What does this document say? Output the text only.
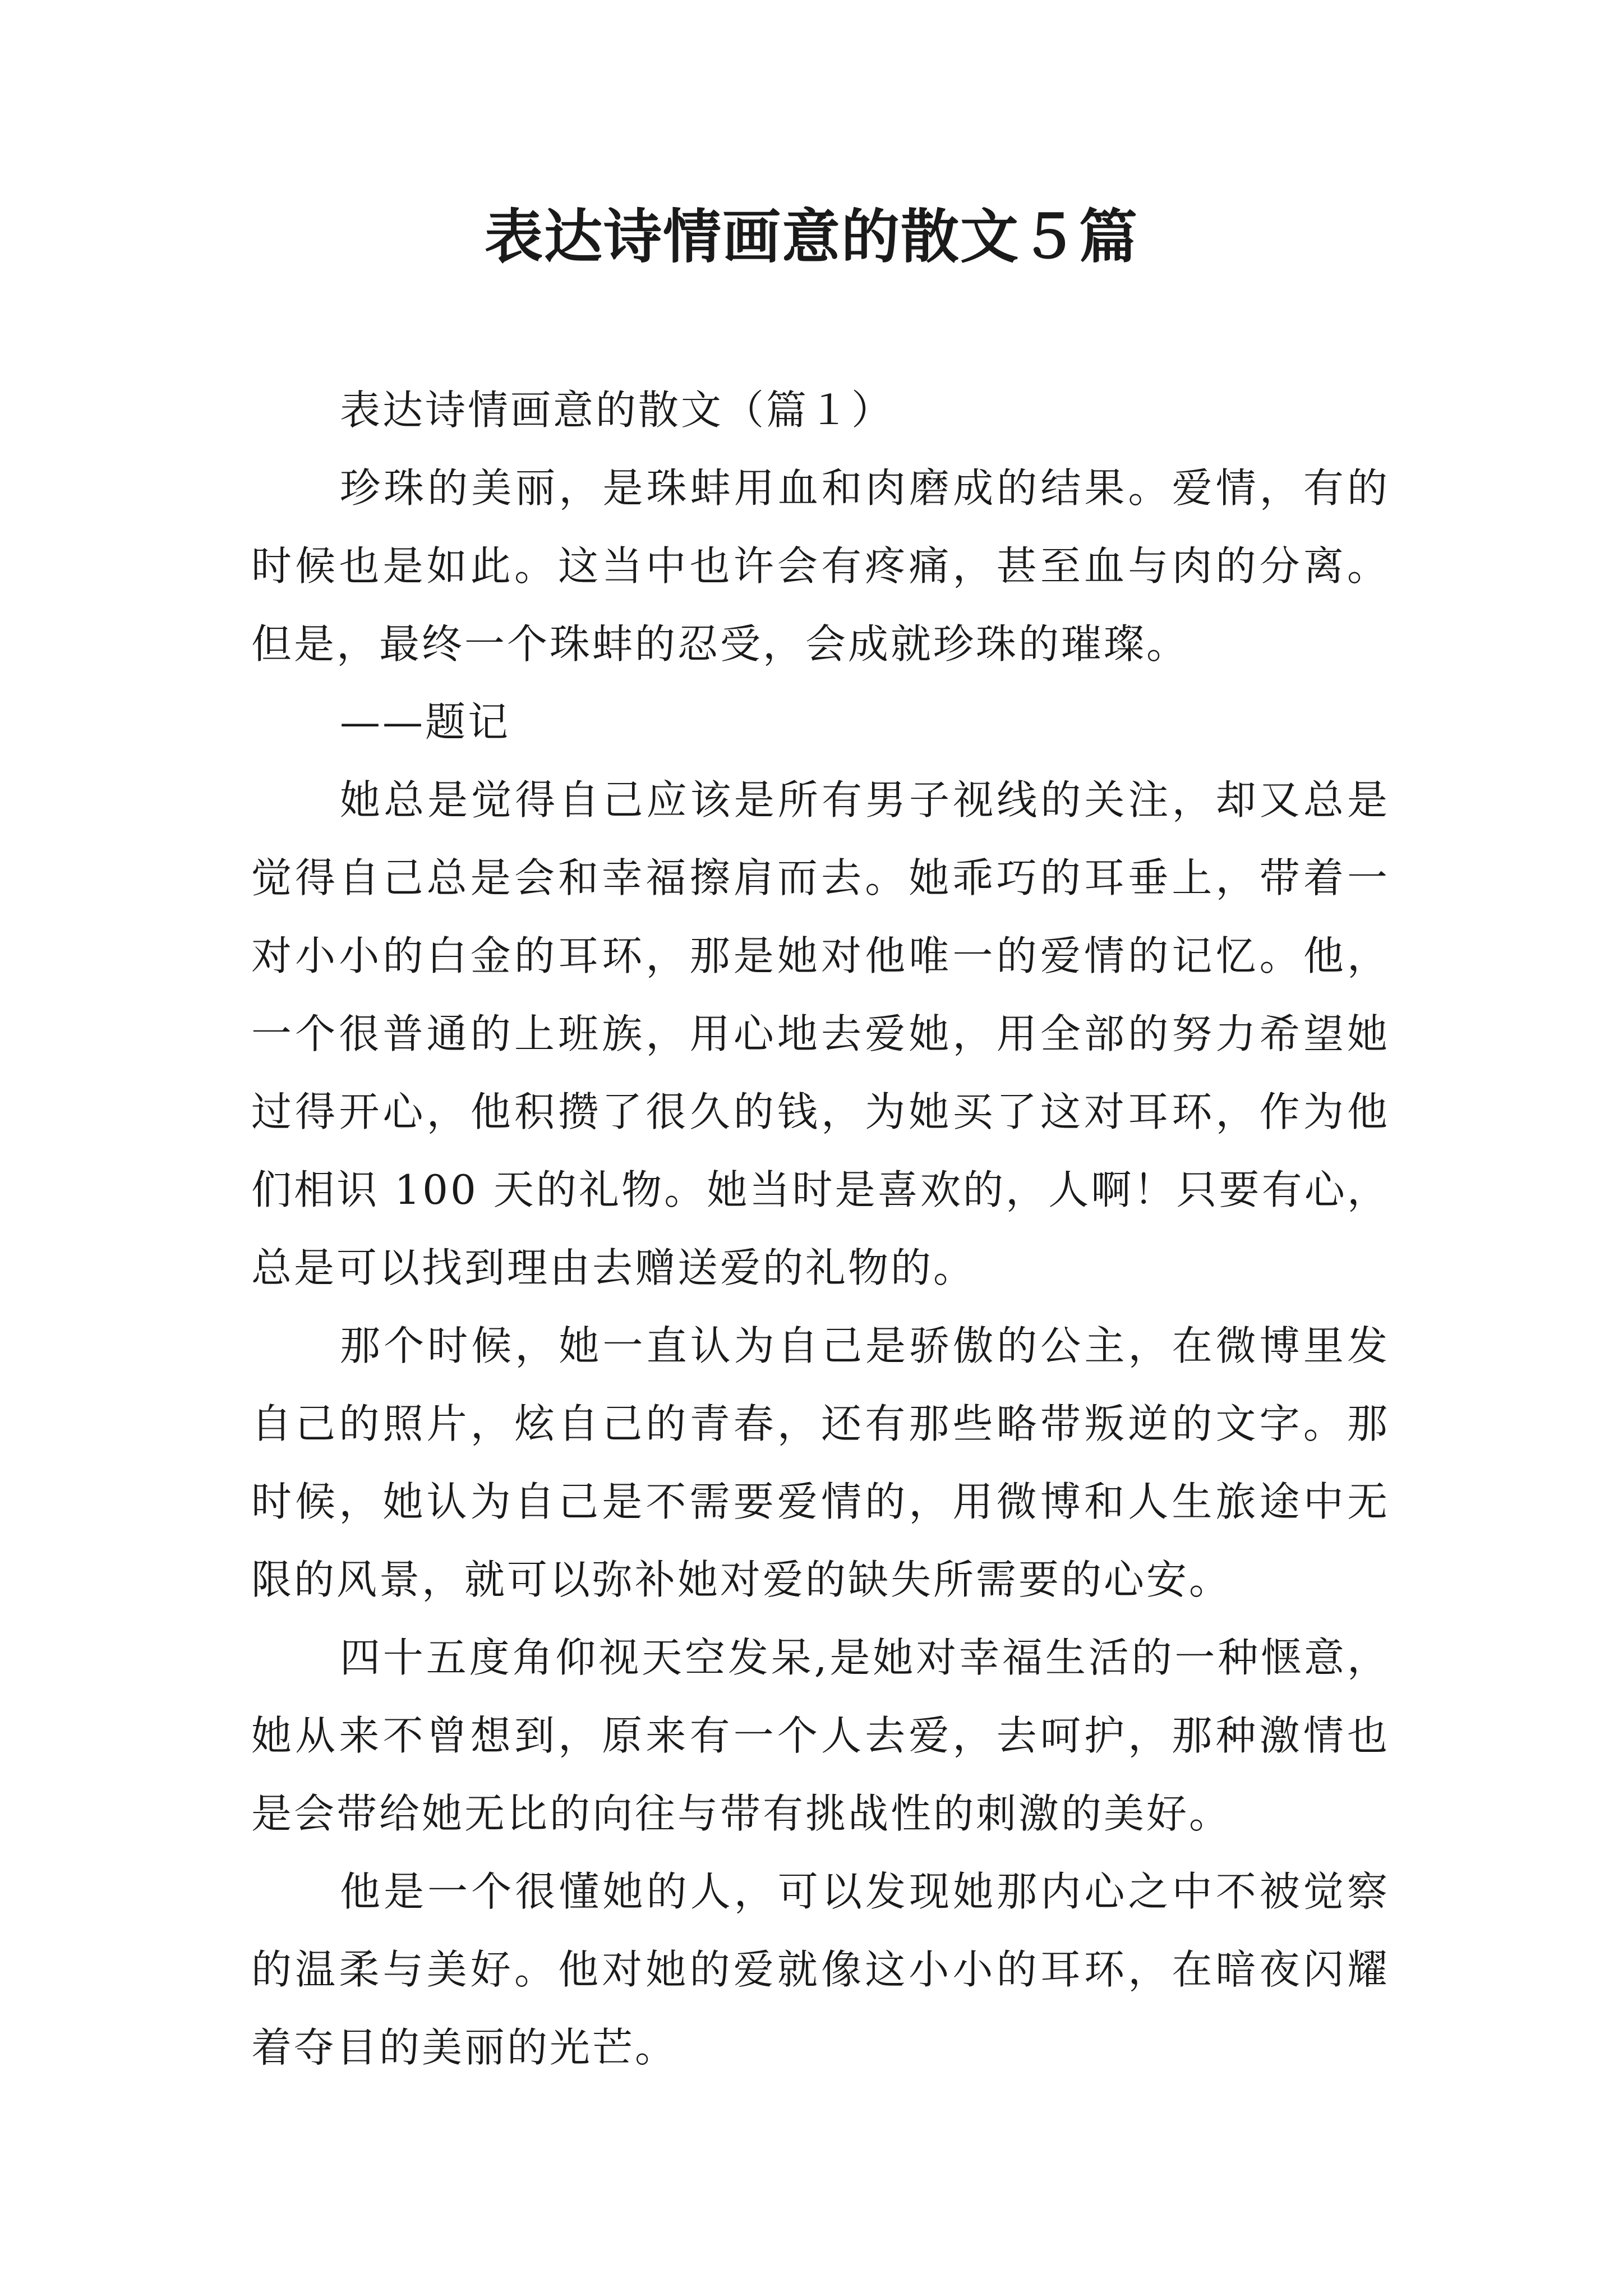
表达诗情画意的散文５篇

表达诗情画意的散文（篇１）

珍珠的美丽，是珠蚌用血和肉磨成的结果。爱情，有的时候也是如此。这当中也许会有疼痛，甚至血与肉的分离。但是，最终一个珠蚌的忍受，会成就珍珠的璀璨。

——题记

她总是觉得自己应该是所有男子视线的关注，却又总是觉得自己总是会和幸福擦肩而去。她乖巧的耳垂上，带着一对小小的白金的耳环，那是她对他唯一的爱情的记忆。他，一个很普通的上班族，用心地去爱她，用全部的努力希望她过得开心，他积攒了很久的钱，为她买了这对耳环，作为他们相识 100 天的礼物。她当时是喜欢的，人啊！只要有心，总是可以找到理由去赠送爱的礼物的。

那个时候，她一直认为自己是骄傲的公主，在微博里发自己的照片，炫自己的青春，还有那些略带叛逆的文字。那时候，她认为自己是不需要爱情的，用微博和人生旅途中无限的风景，就可以弥补她对爱的缺失所需要的心安。

四十五度角仰视天空发呆,是她对幸福生活的一种惬意，她从来不曾想到，原来有一个人去爱，去呵护，那种激情也是会带给她无比的向往与带有挑战性的刺激的美好。

他是一个很懂她的人，可以发现她那内心之中不被觉察的温柔与美好。他对她的爱就像这小小的耳环，在暗夜闪耀着夺目的美丽的光芒。
